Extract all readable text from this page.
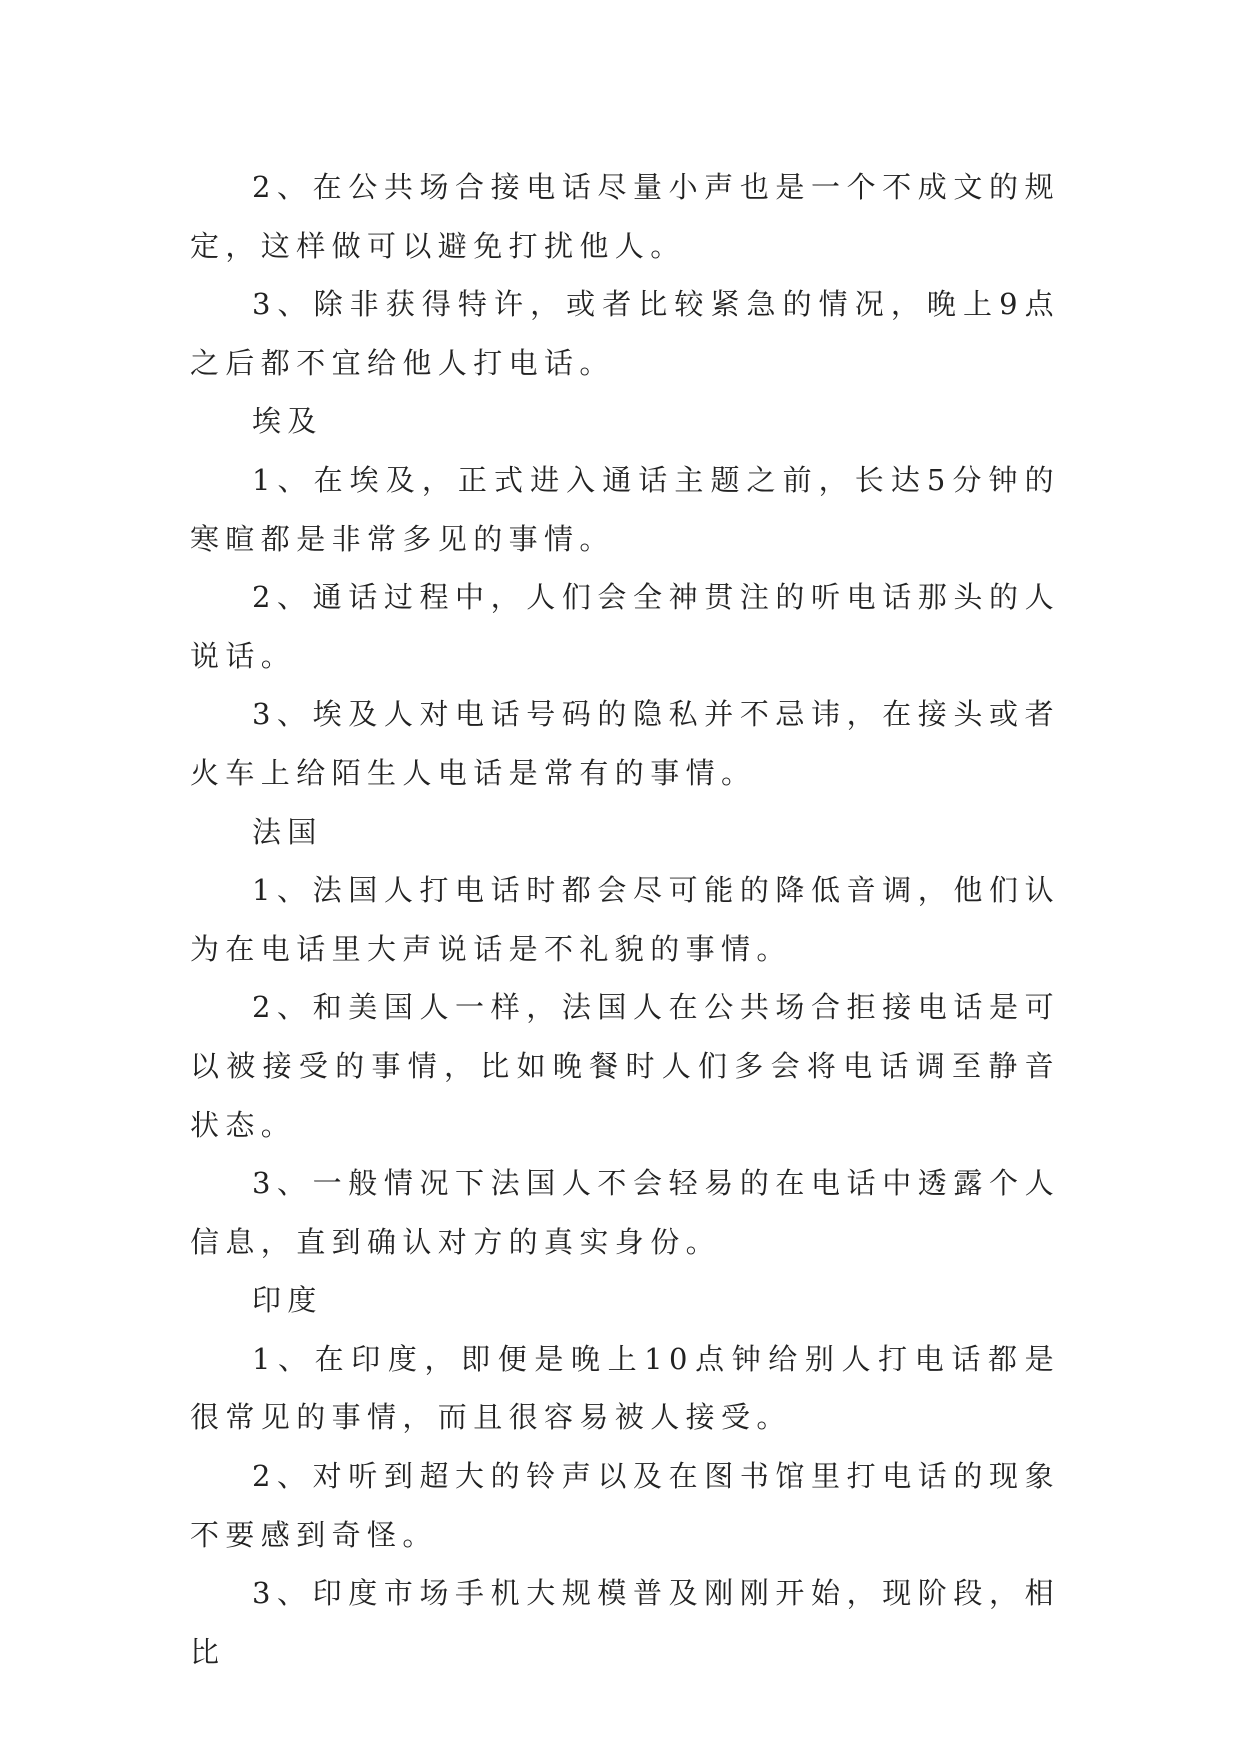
2、在公共场合接电话尽量小声也是一个不成文的规定，这样做可以避免打扰他人。

3、除非获得特许，或者比较紧急的情况，晚上9点之后都不宜给他人打电话。

埃及

1、在埃及，正式进入通话主题之前，长达5分钟的寒暄都是非常多见的事情。

2、通话过程中，人们会全神贯注的听电话那头的人说话。

3、埃及人对电话号码的隐私并不忌讳，在接头或者火车上给陌生人电话是常有的事情。

法国

1、法国人打电话时都会尽可能的降低音调，他们认为在电话里大声说话是不礼貌的事情。

2、和美国人一样，法国人在公共场合拒接电话是可以被接受的事情，比如晚餐时人们多会将电话调至静音状态。

3、一般情况下法国人不会轻易的在电话中透露个人信息，直到确认对方的真实身份。

印度

1、在印度，即便是晚上10点钟给别人打电话都是很常见的事情，而且很容易被人接受。

2、对听到超大的铃声以及在图书馆里打电话的现象不要感到奇怪。

3、印度市场手机大规模普及刚刚开始，现阶段，相比
